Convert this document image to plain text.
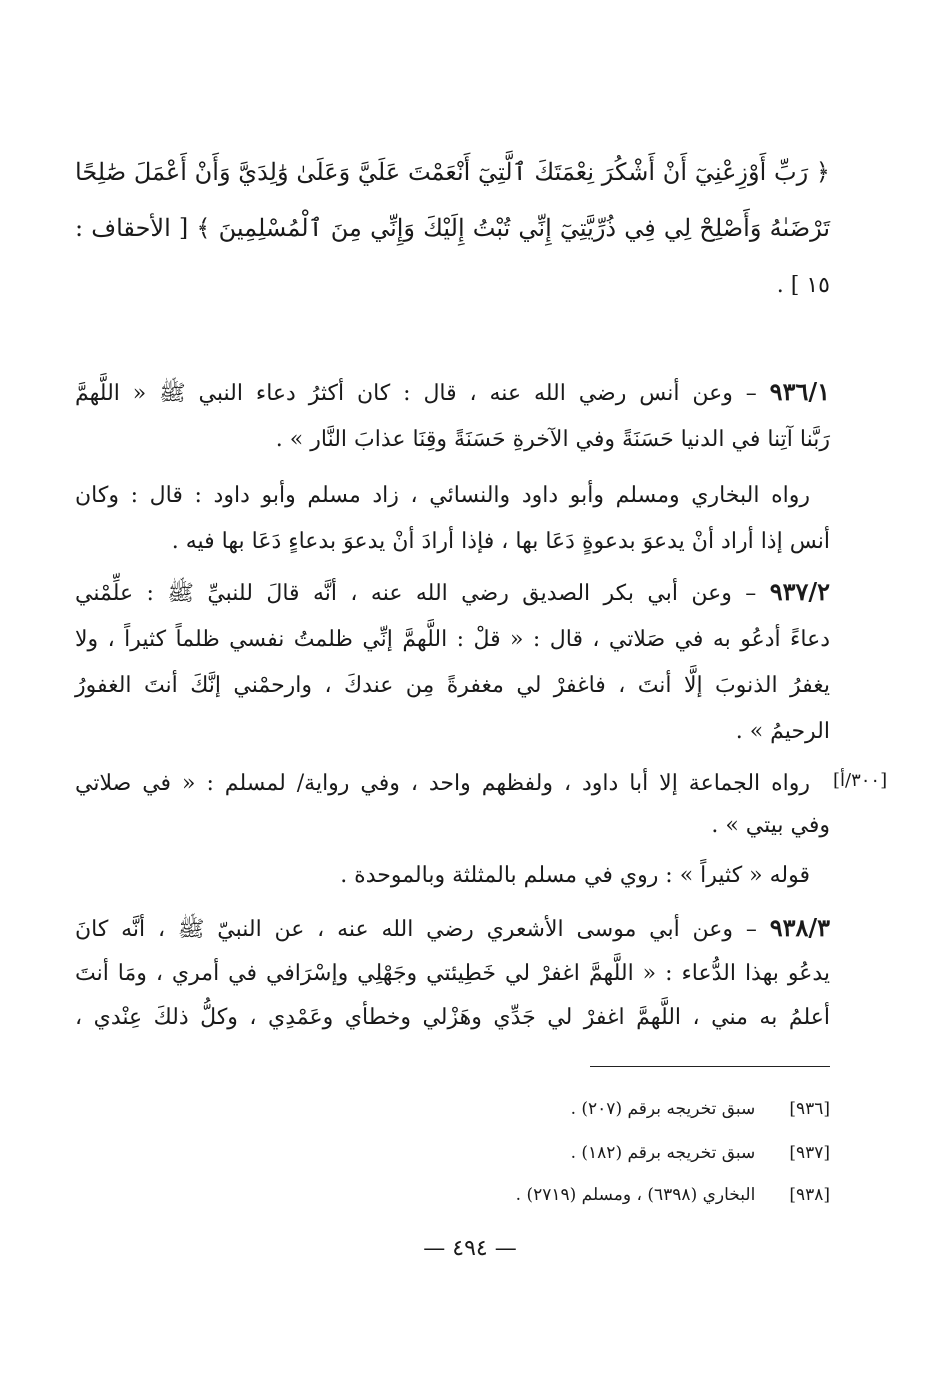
﴿ رَبِّ أَوْزِعْنِيٓ أَنْ أَشْكُرَ نِعْمَتَكَ ٱلَّتِيٓ أَنْعَمْتَ عَلَيَّ وَعَلَىٰ وَٰلِدَيَّ وَأَنْ أَعْمَلَ صَٰلِحًا
تَرْضَىٰهُ وَأَصْلِحْ لِي فِي ذُرِّيَّتِيٓ إِنِّي تُبْتُ إِلَيْكَ وَإِنِّي مِنَ ٱلْمُسْلِمِينَ ﴾ [ الأحقاف :
١٥ ] .
٩٣٦/١ – وعن أنس رضي الله عنه ، قال : كان أكثرُ دعاء النبي ﷺ « اللَّهمَّ
رَبَّنا آتِنا في الدنيا حَسَنَةً وفي الآخرةِ حَسَنَةً وقِنَا عذابَ النَّار » .
رواه البخاري ومسلم وأبو داود والنسائي ، زاد مسلم وأبو داود : قال : وكان
أنس إذا أراد أنْ يدعوَ بدعوةٍ دَعَا بها ، فإذا أرادَ أنْ يدعوَ بدعاءٍ دَعَا بها فيه .
٩٣٧/٢ – وعن أبي بكر الصديق رضي الله عنه ، أنَّه قالَ للنبيِّ ﷺ : علِّمْني
دعاءً أدعُو به في صَلاتي ، قال : « قلْ : اللَّهمَّ إنِّي ظلمتُ نفسي ظلماً كثيراً ، ولا
يغفرُ الذنوبَ إلَّا أنتَ ، فاغفرْ لي مغفرةً مِن عندكَ ، وارحمْني إنَّكَ أنتَ الغفورُ
الرحيمُ » .
[٣٠٠/أ]
رواه الجماعة إلا أبا داود ، ولفظهم واحد ، وفي رواية/ لمسلم : « في صلاتي
وفي بيتي » .
قوله « كثيراً » : روي في مسلم بالمثلثة وبالموحدة .
٩٣٨/٣ – وعن أبي موسى الأشعري رضي الله عنه ، عن النبيّ ﷺ ، أنَّه كانَ
يدعُو بهذا الدُّعاء : « اللَّهمَّ اغفرْ لي خَطِيئتي وجَهْلِي وإسْرَافي في أمري ، ومَا أنتَ
أعلمُ به مني ، اللَّهمَّ اغفرْ لي جَدِّي وهَزْلي وخطأي وعَمْدِي ، وكلُّ ذلكَ عِنْدي ،
[٩٣٦]سبق تخريجه برقم (٢٠٧) .
[٩٣٧]سبق تخريجه برقم (١٨٢) .
[٩٣٨]البخاري (٦٣٩٨) ، ومسلم (٢٧١٩) .
— ٤٩٤ —
